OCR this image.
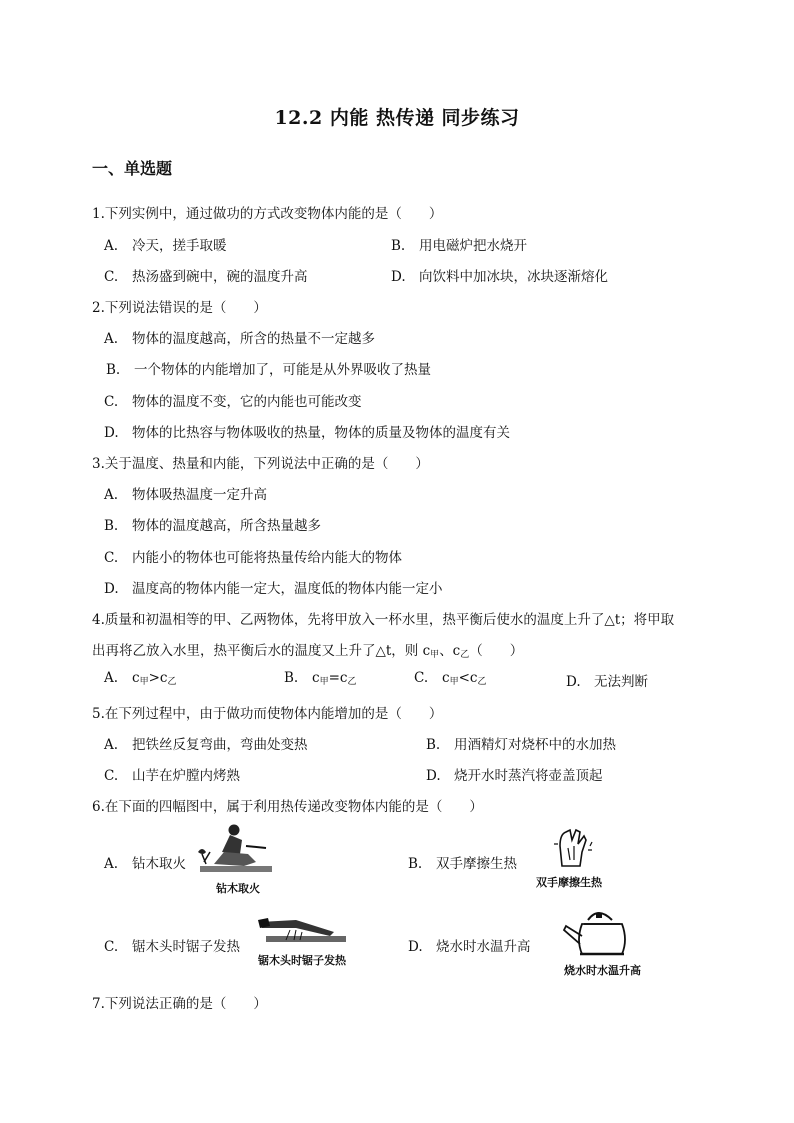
12.2 内能 热传递 同步练习
一、单选题
1.下列实例中，通过做功的方式改变物体内能的是（　　）
A. 冷天，搓手取暖	B. 用电磁炉把水烧开
C. 热汤盛到碗中，碗的温度升高	D. 向饮料中加冰块，冰块逐渐熔化
2.下列说法错误的是（　　）
A. 物体的温度越高，所含的热量不一定越多
B. 一个物体的内能增加了，可能是从外界吸收了热量
C. 物体的温度不变，它的内能也可能改变
D. 物体的比热容与物体吸收的热量，物体的质量及物体的温度有关
3.关于温度、热量和内能，下列说法中正确的是（　　）
A. 物体吸热温度一定升高
B. 物体的温度越高，所含热量越多
C. 内能小的物体也可能将热量传给内能大的物体
D. 温度高的物体内能一定大，温度低的物体内能一定小
4.质量和初温相等的甲、乙两物体，先将甲放入一杯水里，热平衡后使水的温度上升了△t；将甲取
出再将乙放入水里，热平衡后水的温度又上升了△t，则 $c_甲$、$c_乙$（　　）
A. $c_甲>c_乙$	B. $c_甲=c_乙$	C. $c_甲<c_乙$	D. 无法判断
5.在下列过程中，由于做功而使物体内能增加的是（　　）
A. 把铁丝反复弯曲，弯曲处变热	B. 用酒精灯对烧杯中的水加热
C. 山芋在炉膛内烤熟	D. 烧开水时蒸汽将壶盖顶起
6.在下面的四幅图中，属于利用热传递改变物体内能的是（　　）
A. 钻木取火
钻木取火
B. 双手摩擦生热
双手摩擦生热
C. 锯木头时锯子发热
锯木头时锯子发热
D. 烧水时水温升高
烧水时水温升高
7.下列说法正确的是（　　）
